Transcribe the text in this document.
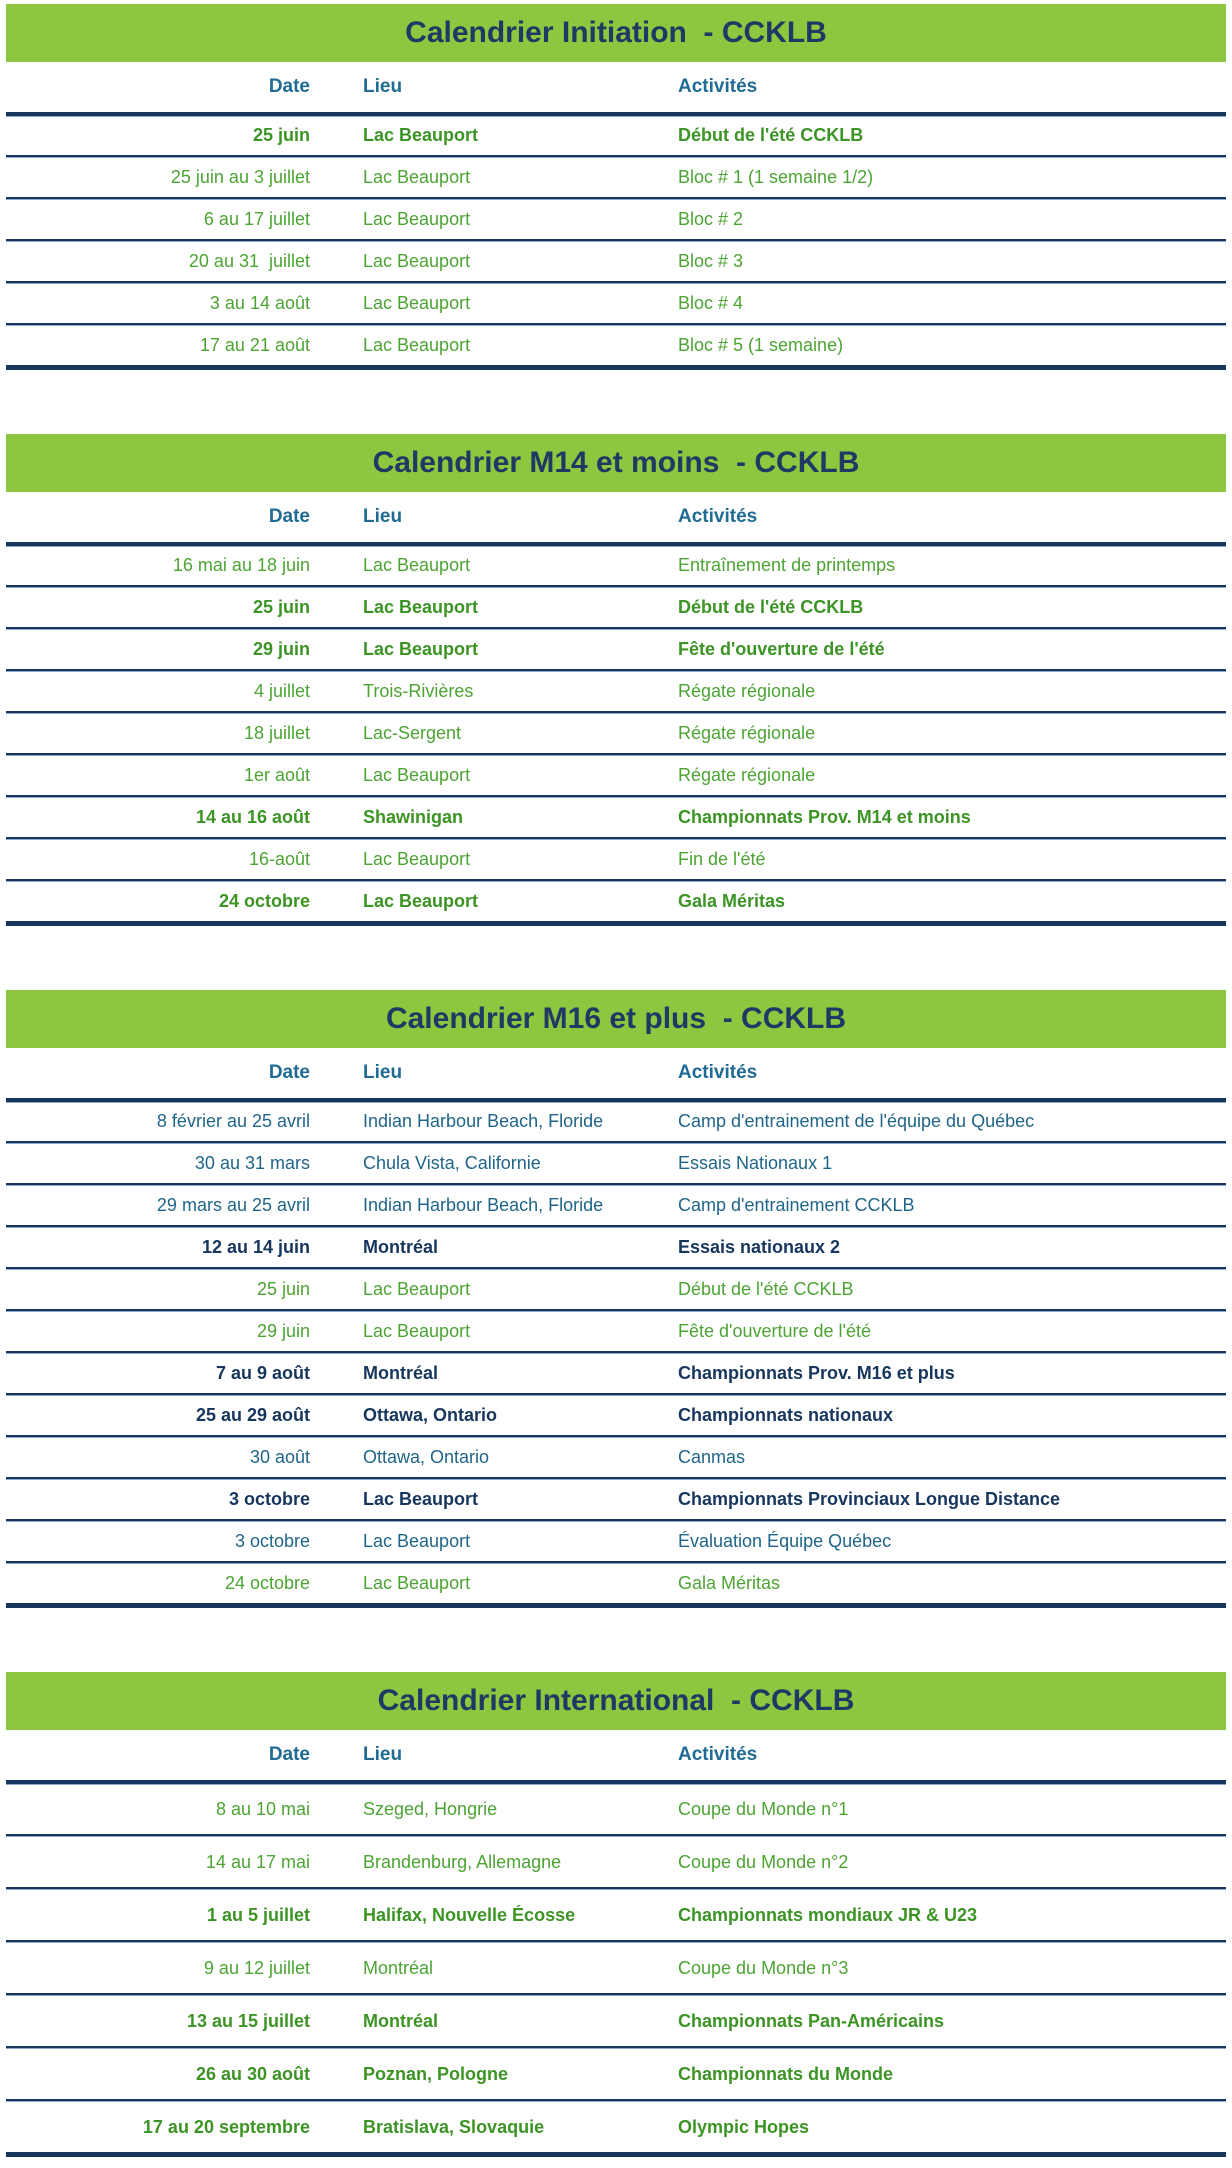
Calendrier Initiation  - CCKLB
Date	Lieu	Activités
25 juin	Lac Beauport	Début de l'été CCKLB
25 juin au 3 juillet	Lac Beauport	Bloc # 1 (1 semaine 1/2)
6 au 17 juillet	Lac Beauport	Bloc # 2
20 au 31  juillet	Lac Beauport	Bloc # 3
3 au 14 août	Lac Beauport	Bloc # 4
17 au 21 août	Lac Beauport	Bloc # 5 (1 semaine)
Calendrier M14 et moins  - CCKLB
Date	Lieu	Activités
16 mai au 18 juin	Lac Beauport	Entraînement de printemps
25 juin	Lac Beauport	Début de l'été CCKLB
29 juin	Lac Beauport	Fête d'ouverture de l'été
4 juillet	Trois-Rivières	Régate régionale
18 juillet	Lac-Sergent	Régate régionale
1er août	Lac Beauport	Régate régionale
14 au 16 août	Shawinigan	Championnats Prov. M14 et moins
16-août	Lac Beauport	Fin de l'été
24 octobre	Lac Beauport	Gala Méritas
Calendrier M16 et plus  - CCKLB
Date	Lieu	Activités
8 février au 25 avril	Indian Harbour Beach, Floride	Camp d'entrainement de l'équipe du Québec
30 au 31 mars	Chula Vista, Californie	Essais Nationaux 1
29 mars au 25 avril	Indian Harbour Beach, Floride	Camp d'entrainement CCKLB
12 au 14 juin	Montréal	Essais nationaux 2
25 juin	Lac Beauport	Début de l'été CCKLB
29 juin	Lac Beauport	Fête d'ouverture de l'été
7 au 9 août	Montréal	Championnats Prov. M16 et plus
25 au 29 août	Ottawa, Ontario	Championnats nationaux
30 août	Ottawa, Ontario	Canmas
3 octobre	Lac Beauport	Championnats Provinciaux Longue Distance
3 octobre	Lac Beauport	Évaluation Équipe Québec
24 octobre	Lac Beauport	Gala Méritas
Calendrier International  - CCKLB
Date	Lieu	Activités
8 au 10 mai	Szeged, Hongrie	Coupe du Monde n°1
14 au 17 mai	Brandenburg, Allemagne	Coupe du Monde n°2
1 au 5 juillet	Halifax, Nouvelle Écosse	Championnats mondiaux JR & U23
9 au 12 juillet	Montréal	Coupe du Monde n°3
13 au 15 juillet	Montréal	Championnats Pan-Américains
26 au 30 août	Poznan, Pologne	Championnats du Monde
17 au 20 septembre	Bratislava, Slovaquie	Olympic Hopes
